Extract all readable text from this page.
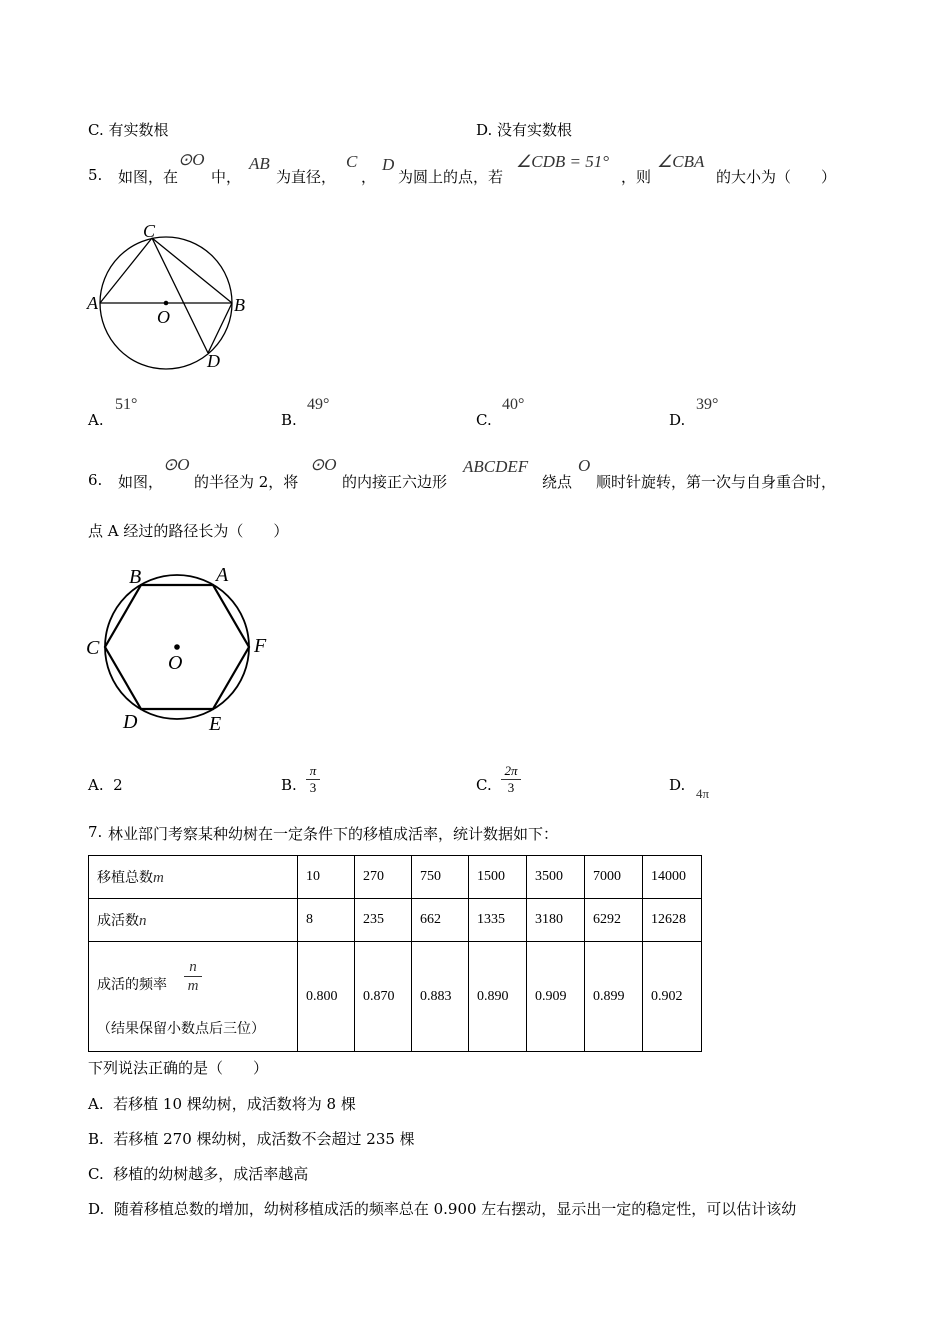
C. 有实数根	D. 没有实数根
5. 如图，在
⊙O
中，
AB
为直径，
C
，
D
为圆上的点，若
∠CDB = 51°
，则
∠CBA
的大小为（　　）
C
A	B
O
D
A.
51°
B.
49°
C.
40°
D.
39°
6. 如图，
⊙O
的半径为 2，将
⊙O
的内接正六边形
ABCDEF
绕点
O
顺时针旋转，第一次与自身重合时，
点 A 经过的路径长为（　　）
B	A
C	F
O
D	E
A. 2	B.
π
3	C.
2π
3	D. 4π
7. 林业部门考察某种幼树在一定条件下的移植成活率，统计数据如下：
移植总数m	10	270	750	1500	3500	7000	14000
成活数n	8	235	662	1335	3180	6292	12628

成活的频率
n
m
（结果保留小数点后三位）	0.800	0.870	0.883	0.890	0.909	0.899	0.902
下列说法正确的是（　　）
A. 若移植 10 棵幼树，成活数将为 8 棵
B. 若移植 270 棵幼树，成活数不会超过 235 棵
C. 移植的幼树越多，成活率越高
D. 随着移植总数的增加，幼树移植成活的频率总在 0.900 左右摆动，显示出一定的稳定性，可以估计该幼
